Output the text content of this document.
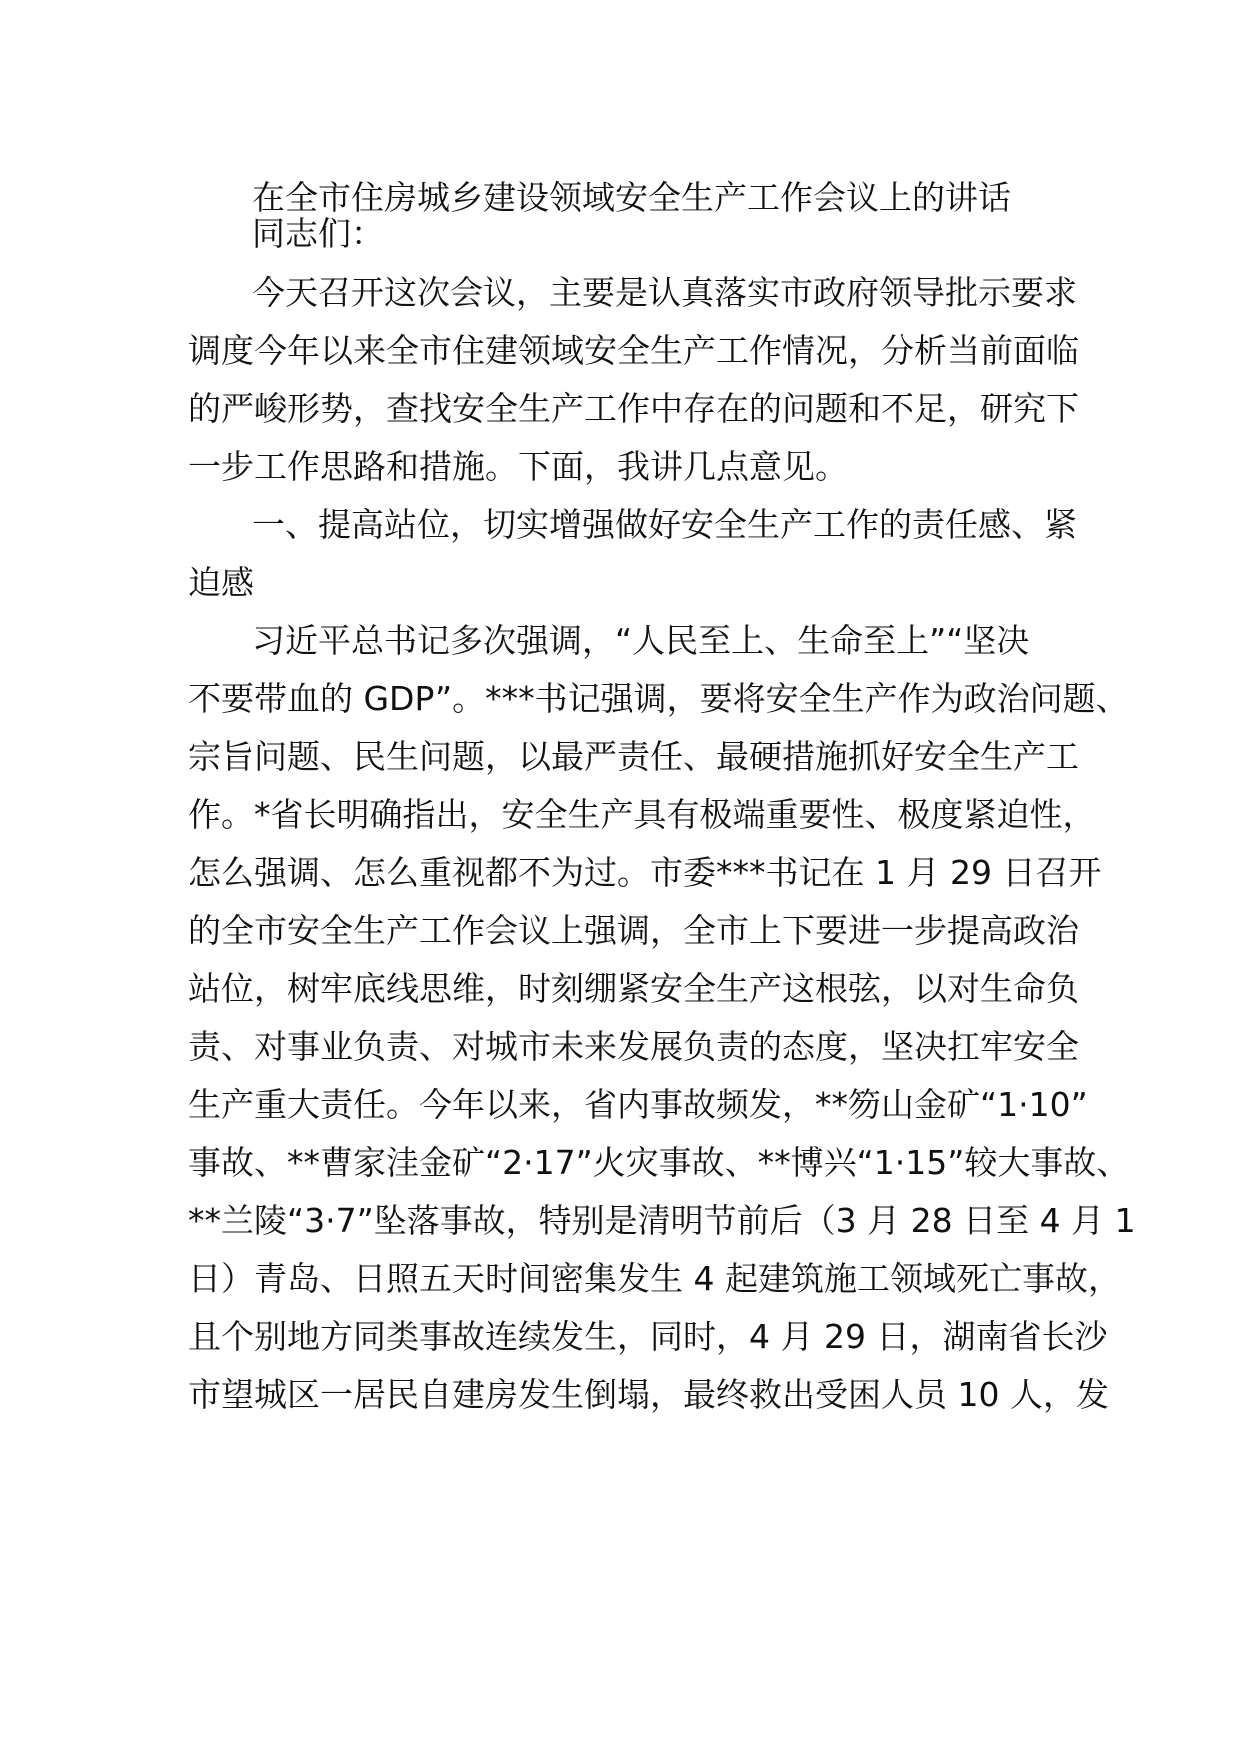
在全市住房城乡建设领域安全生产工作会议上的讲话
同志们：
今天召开这次会议，主要是认真落实市政府领导批示要求
调度今年以来全市住建领域安全生产工作情况，分析当前面临
的严峻形势，查找安全生产工作中存在的问题和不足，研究下
一步工作思路和措施。下面，我讲几点意见。
一、提高站位，切实增强做好安全生产工作的责任感、紧
迫感
习近平总书记多次强调，“人民至上、生命至上”“坚决
不要带血的 GDP”。***书记强调，要将安全生产作为政治问题、
宗旨问题、民生问题，以最严责任、最硬措施抓好安全生产工
作。*省长明确指出，安全生产具有极端重要性、极度紧迫性，
怎么强调、怎么重视都不为过。市委***书记在 1 月 29 日召开
的全市安全生产工作会议上强调，全市上下要进一步提高政治
站位，树牢底线思维，时刻绷紧安全生产这根弦，以对生命负
责、对事业负责、对城市未来发展负责的态度，坚决扛牢安全
生产重大责任。今年以来，省内事故频发，**笏山金矿“1·10”
事故、**曹家洼金矿“2·17”火灾事故、**博兴“1·15”较大事故、
**兰陵“3·7”坠落事故，特别是清明节前后（3 月 28 日至 4 月 1
日）青岛、日照五天时间密集发生 4 起建筑施工领域死亡事故，
且个别地方同类事故连续发生，同时，4 月 29 日，湖南省长沙
市望城区一居民自建房发生倒塌，最终救出受困人员 10 人，发
